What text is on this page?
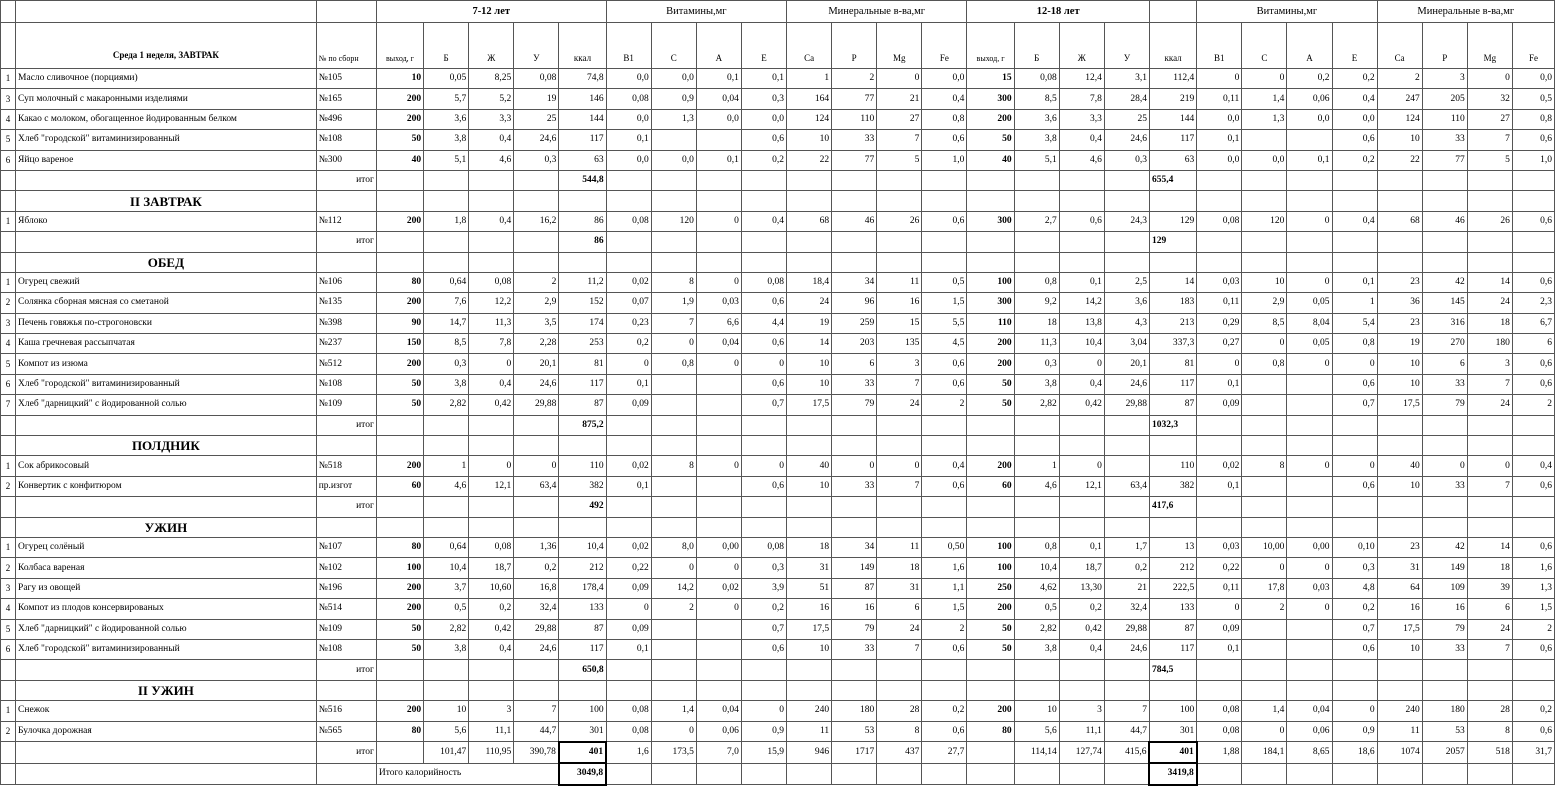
			7-12 лет					Витамины,мг				Минеральные в-ва,мг				12-18 лет					Витамины,мг				Минеральные в-ва,мг			
	Среда 1 неделя, ЗАВТРАК	№ по сборн	выход, г	Б	Ж	У	ккал	B1	C	A	E	Ca	P	Mg	Fe	выход, г	Б	Ж	У	ккал	B1	C	A	E	Ca	P	Mg	Fe
1	Масло сливочное (порциями)	№105	10	0,05	8,25	0,08	74,8	0,0	0,0	0,1	0,1	1	2	0	0,0	15	0,08	12,4	3,1	112,4	0	0	0,2	0,2	2	3	0	0,0
3	Суп молочный с макаронными изделиями	№165	200	5,7	5,2	19	146	0,08	0,9	0,04	0,3	164	77	21	0,4	300	8,5	7,8	28,4	219	0,11	1,4	0,06	0,4	247	205	32	0,5
4	Какао с молоком, обогащенное йодированным белком	№496	200	3,6	3,3	25	144	0,0	1,3	0,0	0,0	124	110	27	0,8	200	3,6	3,3	25	144	0,0	1,3	0,0	0,0	124	110	27	0,8
5	Хлеб "городской" витаминизированный	№108	50	3,8	0,4	24,6	117	0,1			0,6	10	33	7	0,6	50	3,8	0,4	24,6	117	0,1			0,6	10	33	7	0,6
6	Яйцо вареное	№300	40	5,1	4,6	0,3	63	0,0	0,0	0,1	0,2	22	77	5	1,0	40	5,1	4,6	0,3	63	0,0	0,0	0,1	0,2	22	77	5	1,0
		итог					544,8													655,4								
	II ЗАВТРАК																											
1	Яблоко	№112	200	1,8	0,4	16,2	86	0,08	120	0	0,4	68	46	26	0,6	300	2,7	0,6	24,3	129	0,08	120	0	0,4	68	46	26	0,6
		итог					86													129								
	ОБЕД																											
1	Огурец свежий	№106	80	0,64	0,08	2	11,2	0,02	8	0	0,08	18,4	34	11	0,5	100	0,8	0,1	2,5	14	0,03	10	0	0,1	23	42	14	0,6
2	Солянка сборная мясная со сметаной	№135	200	7,6	12,2	2,9	152	0,07	1,9	0,03	0,6	24	96	16	1,5	300	9,2	14,2	3,6	183	0,11	2,9	0,05	1	36	145	24	2,3
3	Печень говяжья по-строгоновски	№398	90	14,7	11,3	3,5	174	0,23	7	6,6	4,4	19	259	15	5,5	110	18	13,8	4,3	213	0,29	8,5	8,04	5,4	23	316	18	6,7
4	Каша гречневая рассыпчатая	№237	150	8,5	7,8	2,28	253	0,2	0	0,04	0,6	14	203	135	4,5	200	11,3	10,4	3,04	337,3	0,27	0	0,05	0,8	19	270	180	6
5	Компот из изюма	№512	200	0,3	0	20,1	81	0	0,8	0	0	10	6	3	0,6	200	0,3	0	20,1	81	0	0,8	0	0	10	6	3	0,6
6	Хлеб "городской" витаминизированный	№108	50	3,8	0,4	24,6	117	0,1			0,6	10	33	7	0,6	50	3,8	0,4	24,6	117	0,1			0,6	10	33	7	0,6
7	Хлеб "дарницкий" с йодированной солью	№109	50	2,82	0,42	29,88	87	0,09			0,7	17,5	79	24	2	50	2,82	0,42	29,88	87	0,09			0,7	17,5	79	24	2
		итог					875,2													1032,3								
	ПОЛДНИК																											
1	Сок абрикосовый	№518	200	1	0	0	110	0,02	8	0	0	40	0	0	0,4	200	1	0		110	0,02	8	0	0	40	0	0	0,4
2	Конвертик с конфитюром	пр.изгот	60	4,6	12,1	63,4	382	0,1			0,6	10	33	7	0,6	60	4,6	12,1	63,4	382	0,1			0,6	10	33	7	0,6
		итог					492													417,6								
	УЖИН																											
1	Огурец солёный	№107	80	0,64	0,08	1,36	10,4	0,02	8,0	0,00	0,08	18	34	11	0,50	100	0,8	0,1	1,7	13	0,03	10,00	0,00	0,10	23	42	14	0,6
2	Колбаса вареная	№102	100	10,4	18,7	0,2	212	0,22	0	0	0,3	31	149	18	1,6	100	10,4	18,7	0,2	212	0,22	0	0	0,3	31	149	18	1,6
3	Рагу из овощей	№196	200	3,7	10,60	16,8	178,4	0,09	14,2	0,02	3,9	51	87	31	1,1	250	4,62	13,30	21	222,5	0,11	17,8	0,03	4,8	64	109	39	1,3
4	Компот из плодов консервированых	№514	200	0,5	0,2	32,4	133	0	2	0	0,2	16	16	6	1,5	200	0,5	0,2	32,4	133	0	2	0	0,2	16	16	6	1,5
5	Хлеб "дарницкий" с йодированной солью	№109	50	2,82	0,42	29,88	87	0,09			0,7	17,5	79	24	2	50	2,82	0,42	29,88	87	0,09			0,7	17,5	79	24	2
6	Хлеб "городской" витаминизированный	№108	50	3,8	0,4	24,6	117	0,1			0,6	10	33	7	0,6	50	3,8	0,4	24,6	117	0,1			0,6	10	33	7	0,6
		итог					650,8													784,5								
	II УЖИН																											
1	Снежок	№516	200	10	3	7	100	0,08	1,4	0,04	0	240	180	28	0,2	200	10	3	7	100	0,08	1,4	0,04	0	240	180	28	0,2
2	Булочка дорожная	№565	80	5,6	11,1	44,7	301	0,08	0	0,06	0,9	11	53	8	0,6	80	5,6	11,1	44,7	301	0,08	0	0,06	0,9	11	53	8	0,6
		итог		101,47	110,95	390,78	401	1,6	173,5	7,0	15,9	946	1717	437	27,7		114,14	127,74	415,6	401	1,88	184,1	8,65	18,6	1074	2057	518	31,7
			Итого калорийность				3049,8													3419,8								
